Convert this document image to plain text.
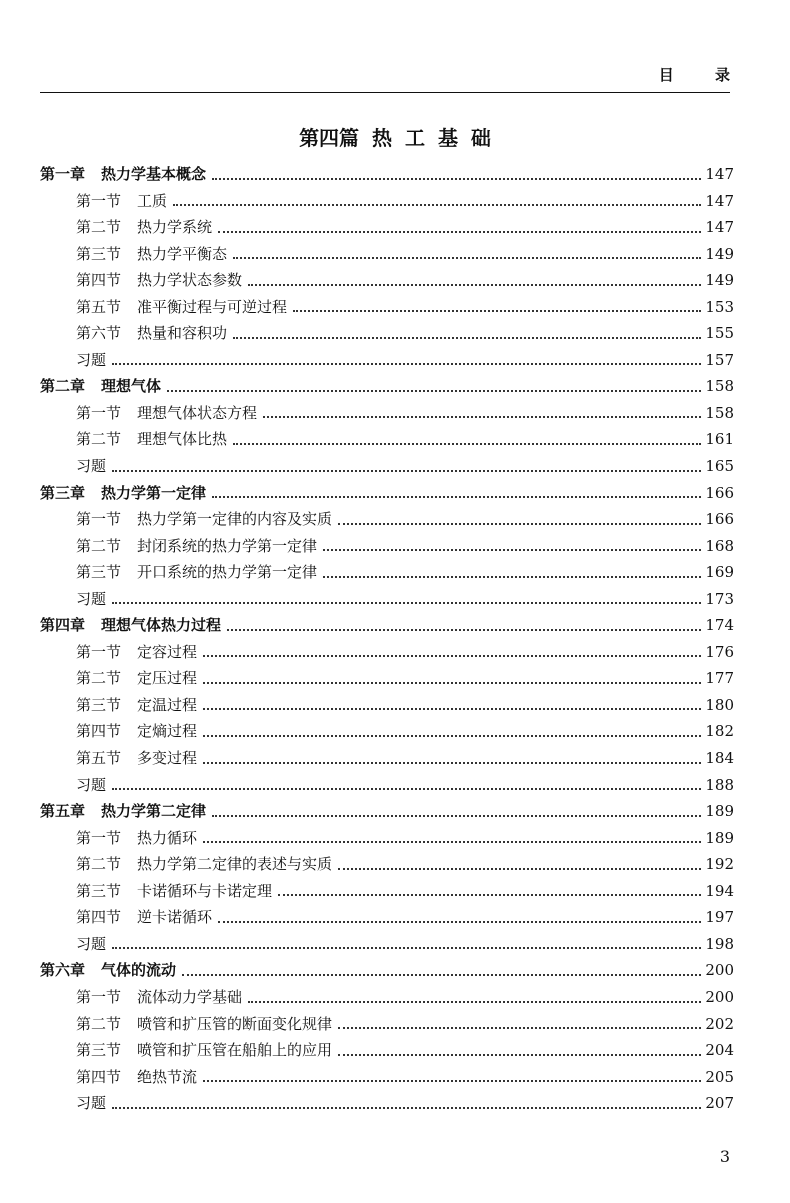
目 录
第四篇 热 工 基 础
第一章 热力学基本概念	147
第一节 工质	147
第二节 热力学系统	147
第三节 热力学平衡态	149
第四节 热力学状态参数	149
第五节 准平衡过程与可逆过程	153
第六节 热量和容积功	155
习题	157
第二章 理想气体	158
第一节 理想气体状态方程	158
第二节 理想气体比热	161
习题	165
第三章 热力学第一定律	166
第一节 热力学第一定律的内容及实质	166
第二节 封闭系统的热力学第一定律	168
第三节 开口系统的热力学第一定律	169
习题	173
第四章 理想气体热力过程	174
第一节 定容过程	176
第二节 定压过程	177
第三节 定温过程	180
第四节 定熵过程	182
第五节 多变过程	184
习题	188
第五章 热力学第二定律	189
第一节 热力循环	189
第二节 热力学第二定律的表述与实质	192
第三节 卡诺循环与卡诺定理	194
第四节 逆卡诺循环	197
习题	198
第六章 气体的流动	200
第一节 流体动力学基础	200
第二节 喷管和扩压管的断面变化规律	202
第三节 喷管和扩压管在船舶上的应用	204
第四节 绝热节流	205
习题	207
3
